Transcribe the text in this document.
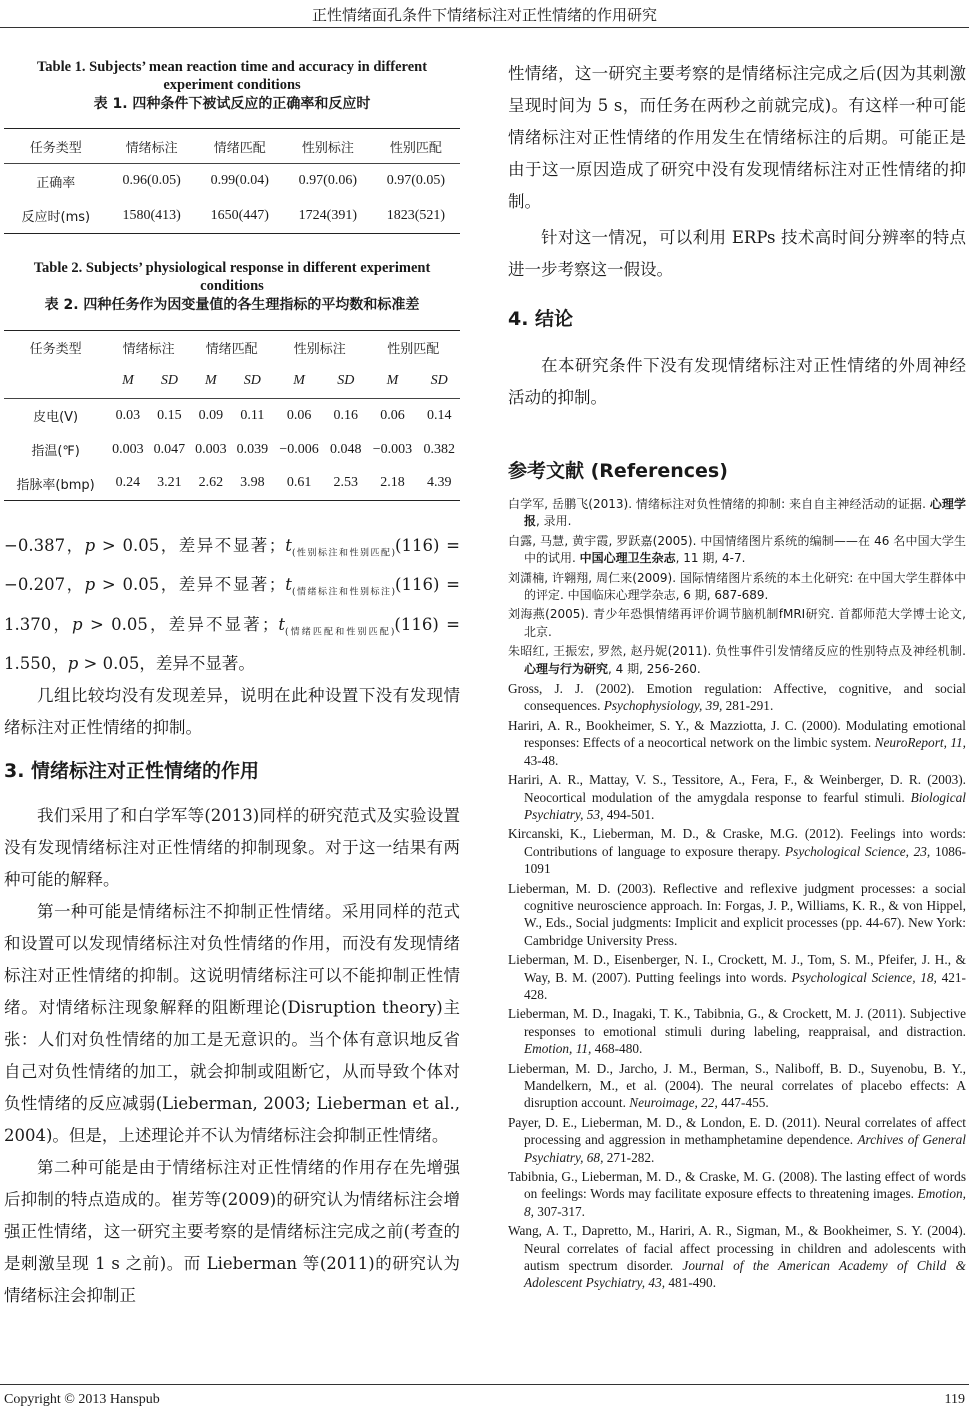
正性情绪面孔条件下情绪标注对正性情绪的作用研究
Table 1. Subjects’ mean reaction time and accuracy in different experiment conditions
表 1. 四种条件下被试反应的正确率和反应时
任务类型	情绪标注	情绪匹配	性别标注	性别匹配
正确率	0.96(0.05)	0.99(0.04)	0.97(0.06)	0.97(0.05)
反应时(ms)	1580(413)	1650(447)	1724(391)	1823(521)
Table 2. Subjects’ physiological response in different experiment conditions
表 2. 四种任务作为因变量值的各生理指标的平均数和标准差
任务类型	情绪标注		情绪匹配		性别标注		性别匹配	
	M	SD	M	SD	M	SD	M	SD
皮电(V)	0.03	0.15	0.09	0.11	0.06	0.16	0.06	0.14
指温(℉)	0.003	0.047	0.003	0.039	−0.006	0.048	−0.003	0.382
指脉率(bmp)	0.24	3.21	2.62	3.98	0.61	2.53	2.18	4.39

−0.387，p > 0.05，差异不显著；$t_{(性别标注和性别匹配)}(116)$ =

−0.207，p > 0.05，差异不显著；$t_{(情绪标注和性别标注)}(116)$ =

1.370，p > 0.05，差异不显著；$t_{(情绪匹配和性别匹配)}(116)$ =

1.550，p > 0.05，差异不显著。

几组比较均没有发现差异，说明在此种设置下没有发现情绪标注对正性情绪的抑制。

3. 情绪标注对正性情绪的作用

我们采用了和白学军等(2013)同样的研究范式及实验设置没有发现情绪标注对正性情绪的抑制现象。对于这一结果有两种可能的解释。

第一种可能是情绪标注不抑制正性情绪。采用同样的范式和设置可以发现情绪标注对负性情绪的作用，而没有发现情绪标注对正性情绪的抑制。这说明情绪标注可以不能抑制正性情绪。对情绪标注现象解释的阻断理论(Disruption theory)主张：人们对负性情绪的加工是无意识的。当个体有意识地反省自己对负性情绪的加工，就会抑制或阻断它，从而导致个体对负性情绪的反应减弱(Lieberman, 2003; Lieberman et al., 2004)。但是，上述理论并不认为情绪标注会抑制正性情绪。

第二种可能是由于情绪标注对正性情绪的作用存在先增强后抑制的特点造成的。崔芳等(2009)的研究认为情绪标注会增强正性情绪，这一研究主要考察的是情绪标注完成之前(考查的是刺激呈现 1 s 之前)。而 Lieberman 等(2011)的研究认为情绪标注会抑制正

性情绪，这一研究主要考察的是情绪标注完成之后(因为其刺激呈现时间为 5 s，而任务在两秒之前就完成)。有这样一种可能情绪标注对正性情绪的作用发生在情绪标注的后期。可能正是由于这一原因造成了研究中没有发现情绪标注对正性情绪的抑制。

针对这一情况，可以利用 ERPs 技术高时间分辨率的特点进一步考察这一假设。

4. 结论

在本研究条件下没有发现情绪标注对正性情绪的外周神经活动的抑制。

参考文献 (References)

白学军, 岳鹏飞(2013). 情绪标注对负性情绪的抑制: 来自自主神经活动的证据. 心理学报, 录用.

白露, 马慧, 黄宇霞, 罗跃嘉(2005). 中国情绪图片系统的编制——在 46 名中国大学生中的试用. 中国心理卫生杂志, 11 期, 4-7.

刘潇楠, 许翱翔, 周仁来(2009). 国际情绪图片系统的本土化研究: 在中国大学生群体中的评定. 中国临床心理学杂志, 6 期, 687-689.

刘海燕(2005). 青少年恐惧情绪再评价调节脑机制fMRI研究. 首都师范大学博士论文, 北京.

朱昭红, 王振宏, 罗然, 赵丹妮(2011). 负性事件引发情绪反应的性别特点及神经机制. 心理与行为研究, 4 期, 256-260.

Gross, J. J. (2002). Emotion regulation: Affective, cognitive, and social consequences. Psychophysiology, 39, 281-291.

Hariri, A. R., Bookheimer, S. Y., & Mazziotta, J. C. (2000). Modulating emotional responses: Effects of a neocortical network on the limbic system. NeuroReport, 11, 43-48.

Hariri, A. R., Mattay, V. S., Tessitore, A., Fera, F., & Weinberger, D. R. (2003). Neocortical modulation of the amygdala response to fearful stimuli. Biological Psychiatry, 53, 494-501.

Kircanski, K., Lieberman, M. D., & Craske, M.G. (2012). Feelings into words: Contributions of language to exposure therapy. Psychological Science, 23, 1086-1091

Lieberman, M. D. (2003). Reflective and reflexive judgment processes: a social cognitive neuroscience approach. In: Forgas, J. P., Williams, K. R., & von Hippel, W., Eds., Social judgments: Implicit and explicit processes (pp. 44-67). New York: Cambridge University Press.

Lieberman, M. D., Eisenberger, N. I., Crockett, M. J., Tom, S. M., Pfeifer, J. H., & Way, B. M. (2007). Putting feelings into words. Psychological Science, 18, 421-428.

Lieberman, M. D., Inagaki, T. K., Tabibnia, G., & Crockett, M. J. (2011). Subjective responses to emotional stimuli during labeling, reappraisal, and distraction. Emotion, 11, 468-480.

Lieberman, M. D., Jarcho, J. M., Berman, S., Naliboff, B. D., Suyenobu, B. Y., Mandelkern, M., et al. (2004). The neural correlates of placebo effects: A disruption account. Neuroimage, 22, 447-455.

Payer, D. E., Lieberman, M. D., & London, E. D. (2011). Neural correlates of affect processing and aggression in methamphetamine dependence. Archives of General Psychiatry, 68, 271-282.

Tabibnia, G., Lieberman, M. D., & Craske, M. G. (2008). The lasting effect of words on feelings: Words may facilitate exposure effects to threatening images. Emotion, 8, 307-317.

Wang, A. T., Dapretto, M., Hariri, A. R., Sigman, M., & Bookheimer, S. Y. (2004). Neural correlates of facial affect processing in children and adolescents with autism spectrum disorder. Journal of the American Academy of Child & Adolescent Psychiatry, 43, 481-490.

Copyright © 2013 Hanspub	119
